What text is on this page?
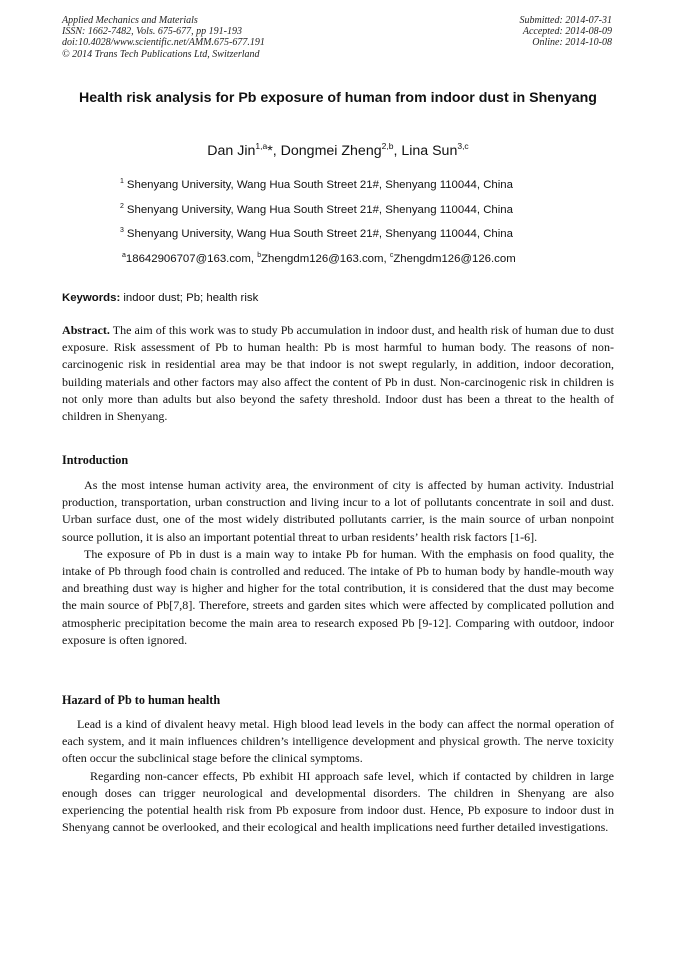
Applied Mechanics and Materials
ISSN: 1662-7482, Vols. 675-677, pp 191-193
doi:10.4028/www.scientific.net/AMM.675-677.191
© 2014 Trans Tech Publications Ltd, Switzerland
Submitted: 2014-07-31
Accepted: 2014-08-09
Online: 2014-10-08
Health risk analysis for Pb exposure of human from indoor dust in Shenyang
Dan Jin$^{1,a}$*, Dongmei Zheng$^{2,b}$, Lina Sun$^{3,c}$
$^1$ Shenyang University, Wang Hua South Street 21#, Shenyang 110044, China
$^2$ Shenyang University, Wang Hua South Street 21#, Shenyang 110044, China
$^3$ Shenyang University, Wang Hua South Street 21#, Shenyang 110044, China
$^a$18642906707@163.com, $^b$Zhengdm126@163.com, $^c$Zhengdm126@126.com
Keywords: indoor dust; Pb; health risk
Abstract. The aim of this work was to study Pb accumulation in indoor dust, and health risk of human due to dust exposure. Risk assessment of Pb to human health: Pb is most harmful to human body. The reasons of non-carcinogenic risk in residential area may be that indoor is not swept regularly, in addition, indoor decoration, building materials and other factors may also affect the content of Pb in dust. Non-carcinogenic risk in children is not only more than adults but also beyond the safety threshold. Indoor dust has been a threat to the health of children in Shenyang.
Introduction

As the most intense human activity area, the environment of city is affected by human activity. Industrial production, transportation, urban construction and living incur to a lot of pollutants concentrate in soil and dust. Urban surface dust, one of the most widely distributed pollutants carrier, is the main source of urban nonpoint source pollution, it is also an important potential threat to urban residents’ health risk factors [1-6].

The exposure of Pb in dust is a main way to intake Pb for human. With the emphasis on food quality, the intake of Pb through food chain is controlled and reduced. The intake of Pb to human body by handle-mouth way and breathing dust way is higher and higher for the total contribution, it is considered that the dust may become the main source of Pb[7,8]. Therefore, streets and garden sites which were affected by complicated pollution and atmospheric precipitation become the main area to research exposed Pb [9-12]. Comparing with outdoor, indoor exposure is often ignored.

Hazard of Pb to human health

Lead is a kind of divalent heavy metal. High blood lead levels in the body can affect the normal operation of each system, and it main influences children’s intelligence development and physical growth. The nerve toxicity often occur the subclinical stage before the clinical symptoms.

Regarding non-cancer effects, Pb exhibit HI approach safe level, which if contacted by children in large enough doses can trigger neurological and developmental disorders. The children in Shenyang are also experiencing the potential health risk from Pb exposure from indoor dust. Hence, Pb exposure to indoor dust in Shenyang cannot be overlooked, and their ecological and health implications need further detailed investigations.
